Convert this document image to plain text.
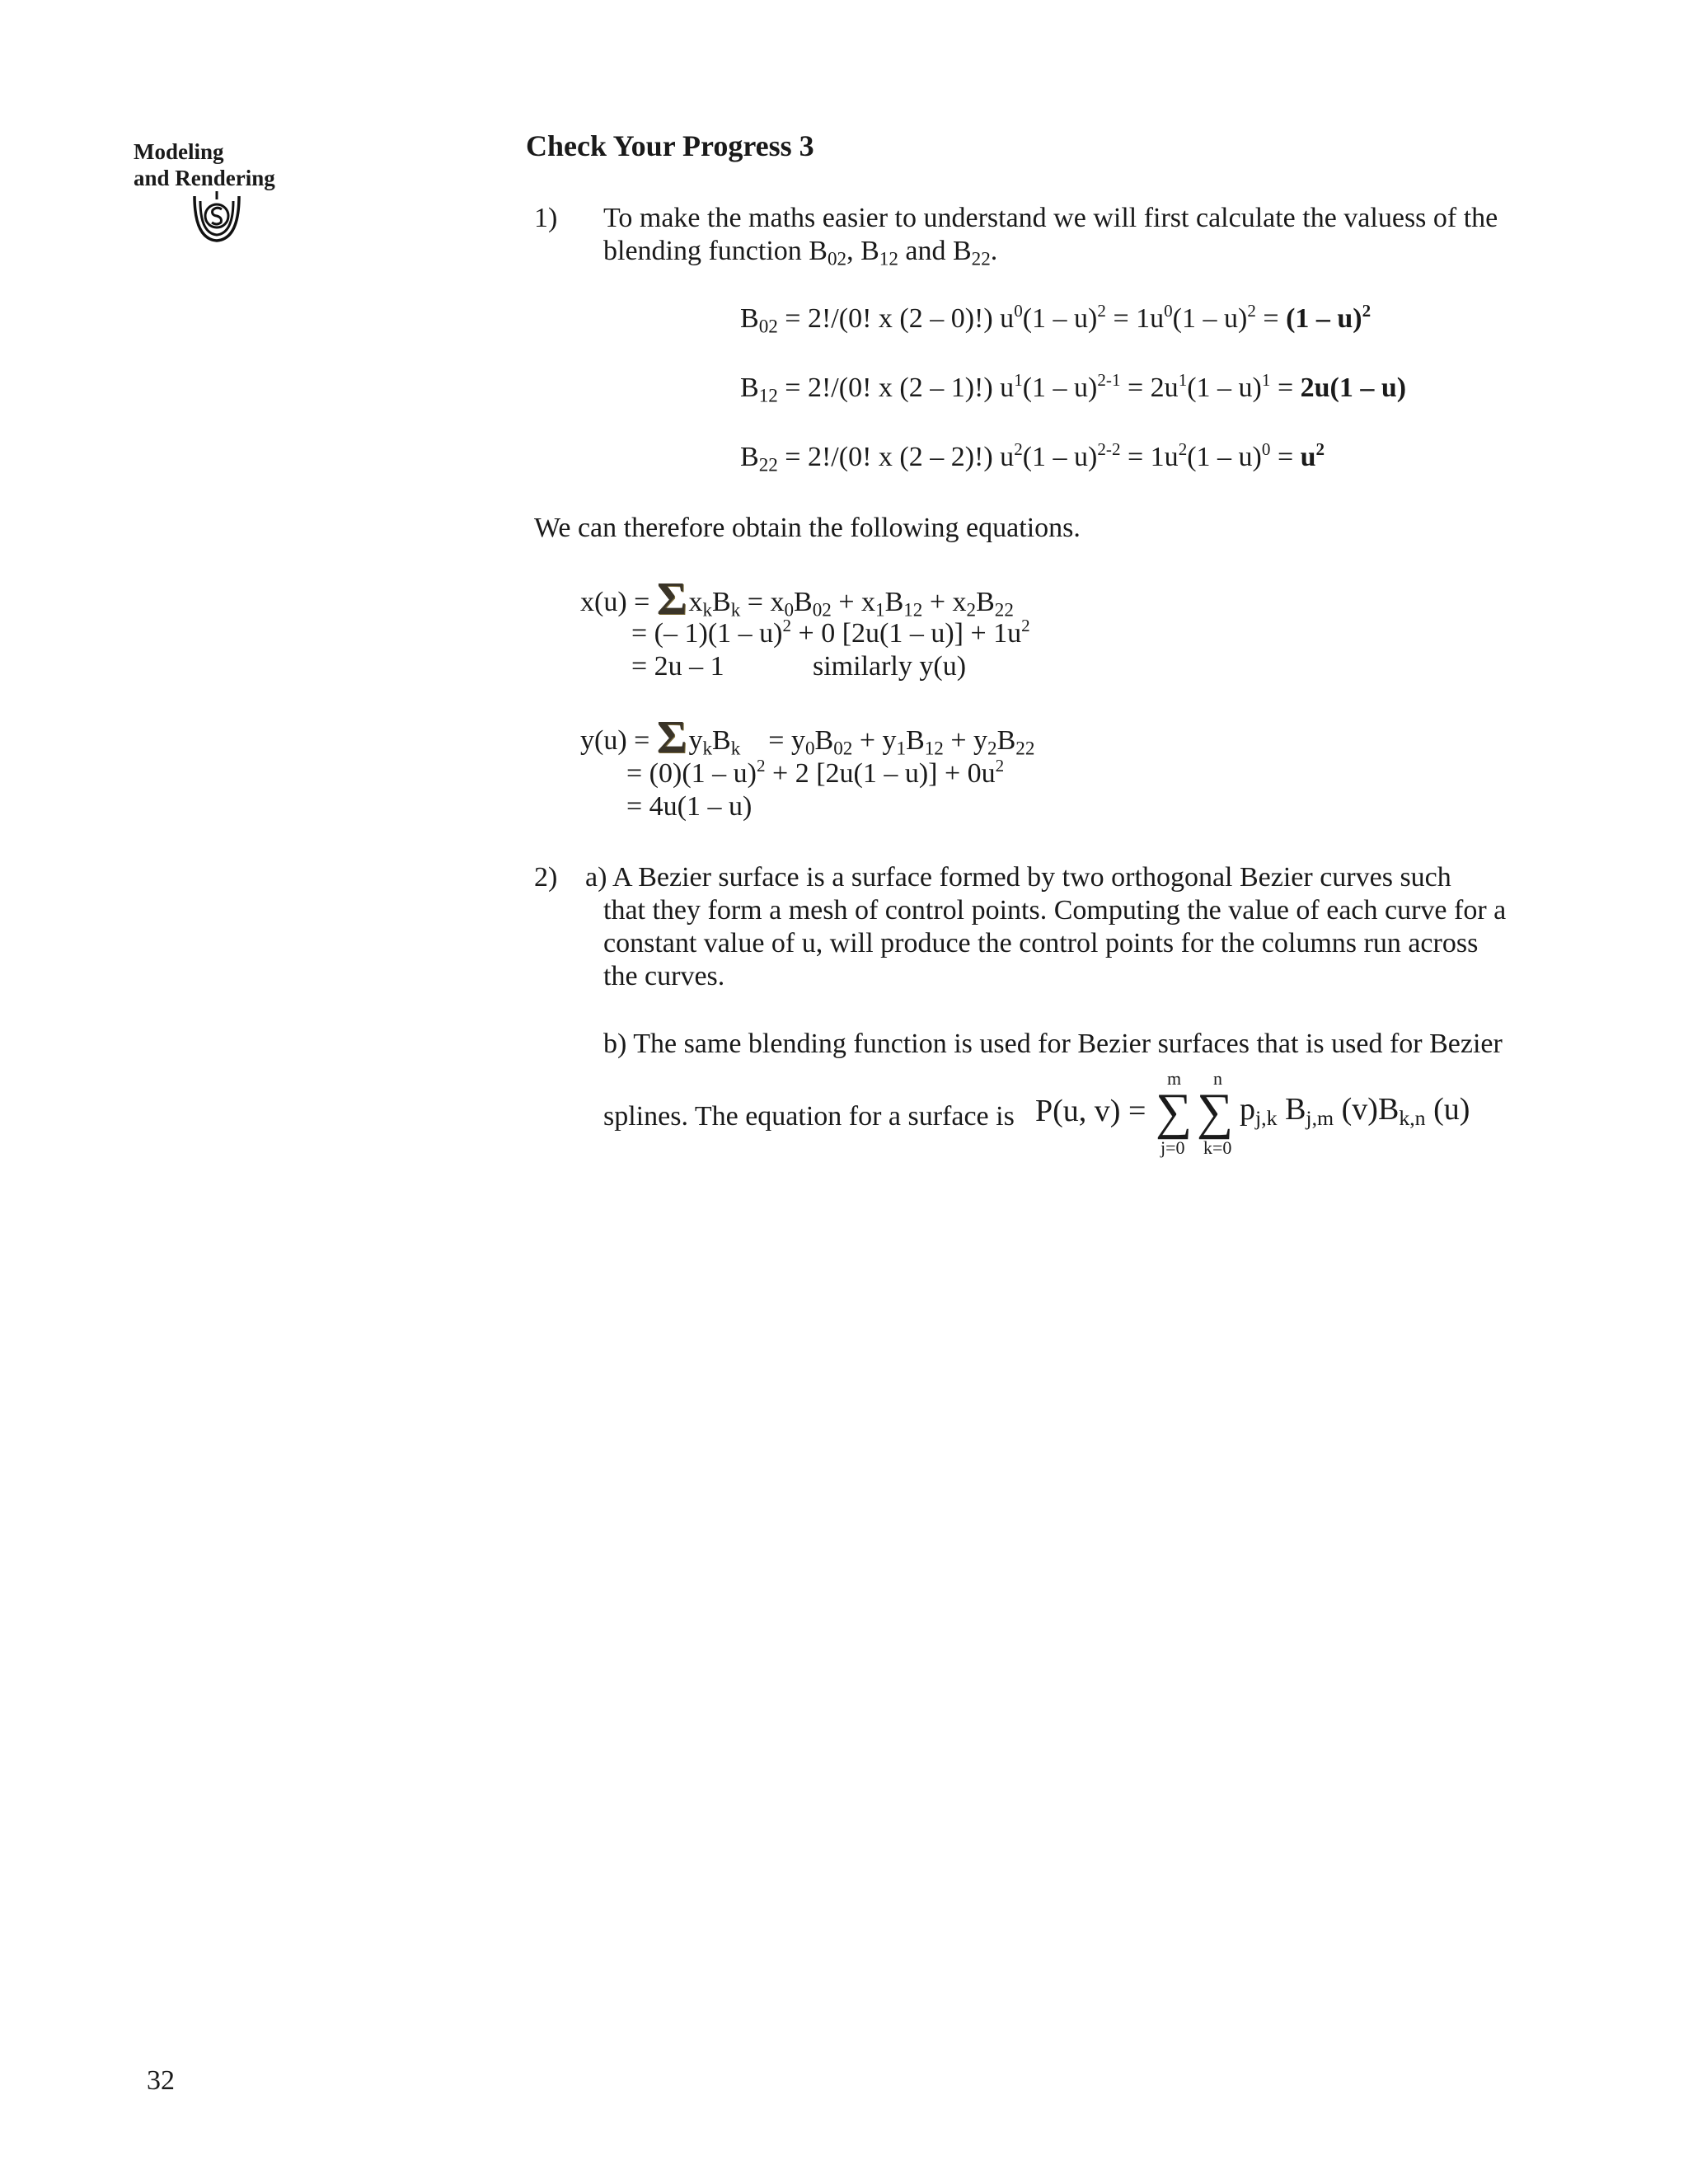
Modeling
and Rendering
Check Your Progress 3
1) To make the maths easier to understand we will first calculate the valuess of the
blending function $B_{02}$, $B_{12}$ and $B_{22}$.
$B_{02} = 2!/(0$! x (2 – 0)!) $u^0(1 - u)^2 = 1u^0(1 - u)^2 = (1 - u)^2$
$B_{12} = 2!/(0$! x (2 – 1)!) $u^1(1 - u)^{2-1} = 2u^1(1 - u)^1 = 2u(1 - u)$
$B_{22} = 2!/(0$! x (2 – 2)!) $u^2(1 - u)^{2-2} = 1u^2(1 - u)^0 = u^2$
We can therefore obtain the following equations.
$x(u) = \Sigma x_kB_k = x_0B_{02} + x_1B_{12} + x_2B_{22}$
= (– 1)(1 – u)$^2$ + 0 $[2u(1 - u)] + 1u^2$
= 2u – 1	similarly y(u)
$y(u) = \Sigma y_kB_k = y_0B_{02} + y_1B_{12} + y_2B_{22}$
= (0)(1 – u)$^2$ + 2 $[2u(1 - u)] + 0u^2$
= 4u(1 – u)
2) a) A Bezier surface is a surface formed by two orthogonal Bezier curves such
that they form a mesh of control points. Computing the value of each curve for a
constant value of u, will produce the control points for the columns run across
the curves.
b) The same blending function is used for Bezier surfaces that is used for Bezier
splines. The equation for a surface is P(u, v) =
m n
∑ ∑
j=0 k=0
$p_{j,k}$ $B_{j,m}$ $(v)B_{k,n}$ (u)
32
